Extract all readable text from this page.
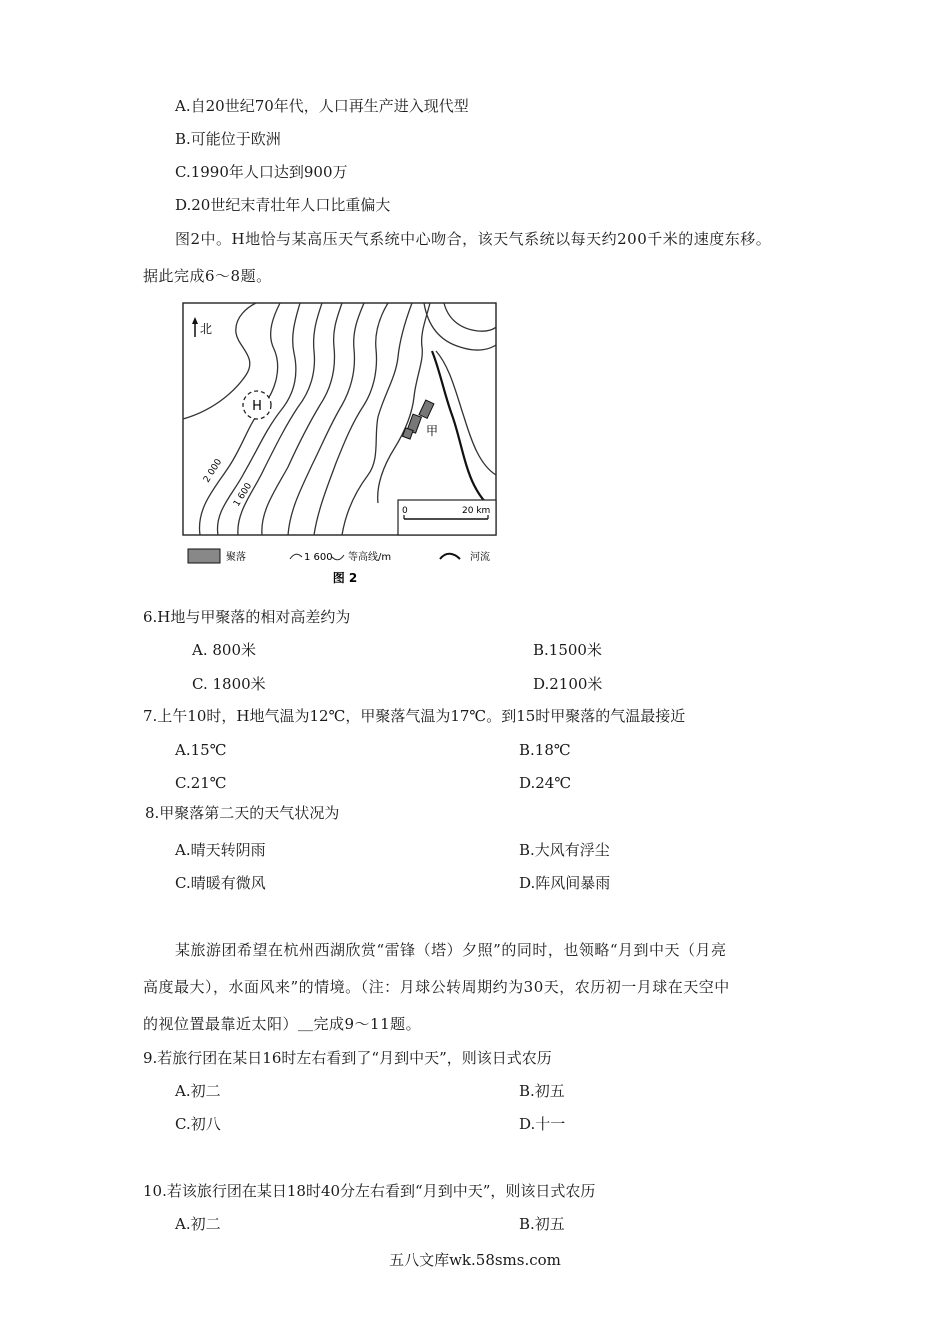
A.自20世纪70年代，人口再生产进入现代型
B.可能位于欧洲
C.1990年人口达到900万
D.20世纪末青壮年人口比重偏大
图2中。H地恰与某高压天气系统中心吻合，该天气系统以每天约200千米的速度东移。
据此完成6～8题。
北
H
甲
2 000
1 600
0	20 km
聚落	1 600 等高线/m	河流
图 2
6.H地与甲聚落的相对高差约为
A. 800米	B.1500米
C. 1800米	D.2100米
7.上午10时，H地气温为12℃，甲聚落气温为17℃。到15时甲聚落的气温最接近
A.15℃	B.18℃
C.21℃	D.24℃
8.甲聚落第二天的天气状况为
A.晴天转阴雨	B.大风有浮尘
C.晴暖有微风	D.阵风间暴雨
某旅游团希望在杭州西湖欣赏“雷锋（塔）夕照”的同时，也领略“月到中天（月亮
高度最大），水面风来”的情境。（注：月球公转周期约为30天，农历初一月球在天空中
的视位置最靠近太阳）＿完成9～11题。
9.若旅行团在某日16时左右看到了“月到中天”，则该日式农历
A.初二	B.初五
C.初八	D.十一
10.若该旅行团在某日18时40分左右看到“月到中天”，则该日式农历
A.初二	B.初五
五八文库wk.58sms.com
